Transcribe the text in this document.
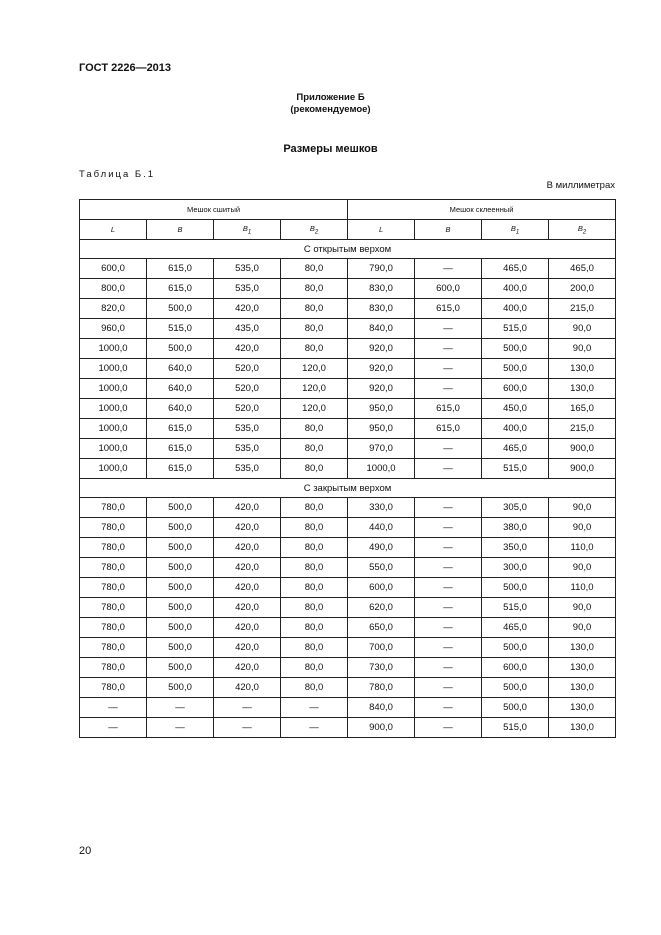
ГОСТ 2226—2013
Приложение Б
(рекомендуемое)
Размеры мешков
Таблица Б.1
В миллиметрах
Мешок сшитый				Мешок склеенный			
L	B	$B_1$	$B_2$	L	B	$B_1$	$B_2$
С открытым верхом							
600,0	615,0	535,0	80,0	790,0	—	465,0	465,0
800,0	615,0	535,0	80,0	830,0	600,0	400,0	200,0
820,0	500,0	420,0	80,0	830,0	615,0	400,0	215,0
960,0	515,0	435,0	80,0	840,0	—	515,0	90,0
1000,0	500,0	420,0	80,0	920,0	—	500,0	90,0
1000,0	640,0	520,0	120,0	920,0	—	500,0	130,0
1000,0	640,0	520,0	120,0	920,0	—	600,0	130,0
1000,0	640,0	520,0	120,0	950,0	615,0	450,0	165,0
1000,0	615,0	535,0	80,0	950,0	615,0	400,0	215,0
1000,0	615,0	535,0	80,0	970,0	—	465,0	900,0
1000,0	615,0	535,0	80,0	1000,0	—	515,0	900,0
С закрытым верхом							
780,0	500,0	420,0	80,0	330,0	—	305,0	90,0
780,0	500,0	420,0	80,0	440,0	—	380,0	90,0
780,0	500,0	420,0	80,0	490,0	—	350,0	110,0
780,0	500,0	420,0	80,0	550,0	—	300,0	90,0
780,0	500,0	420,0	80,0	600,0	—	500,0	110,0
780,0	500,0	420,0	80,0	620,0	—	515,0	90,0
780,0	500,0	420,0	80,0	650,0	—	465,0	90,0
780,0	500,0	420,0	80,0	700,0	—	500,0	130,0
780,0	500,0	420,0	80,0	730,0	—	600,0	130,0
780,0	500,0	420,0	80,0	780,0	—	500,0	130,0
—	—	—	—	840,0	—	500,0	130,0
—	—	—	—	900,0	—	515,0	130,0
20
